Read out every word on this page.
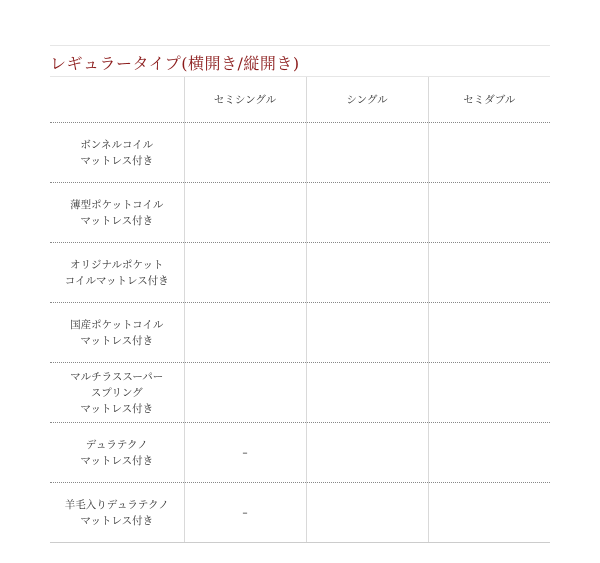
レギュラータイプ(横開き/縦開き)
	セミシングル	シングル	セミダブル

ボンネルコイル
マットレス付き			

薄型ポケットコイル
マットレス付き			

オリジナルポケット
コイルマットレス付き			

国産ポケットコイル
マットレス付き			

マルチラススーパー
スプリング
マットレス付き			

デュラテクノ
マットレス付き	–		

羊毛入りデュラテクノ
マットレス付き	–		
